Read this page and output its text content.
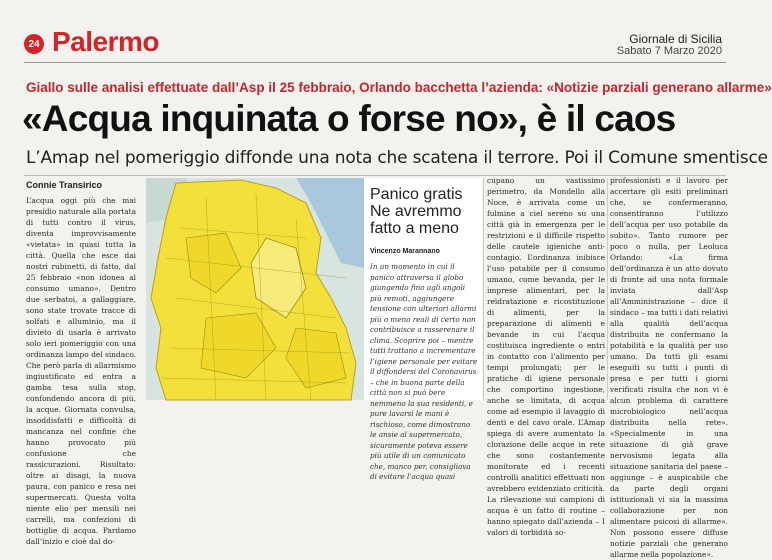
24 Palermo	Giornale di Sicilia
Sabato 7 Marzo 2020
Giallo sulle analisi effettuate dall’Asp il 25 febbraio, Orlando bacchetta l’azienda: «Notizie parziali generano allarme»
«Acqua inquinata o forse no», è il caos
L’Amap nel pomeriggio diffonde una nota che scatena il terrore. Poi il Comune smentisce
Connie Transirico
L’acqua oggi più che mai presidio naturale alla portata di tutti contro il virus, diventa improvvisamente «vietata» in quasi tutta la città. Quella che esce dai nostri rubinetti, di fatto, dal 25 febbraio «non idonea al consumo umano». Dentro due serbatoi, a gallaggiare, sono state trovate tracce di solfati e alluminio, ma il divieto di usarla è arrivato solo ieri pomeriggio con una ordinanza lampo del sindaco. Che però parla di allarmismo ingiustificato ed entra a gamba tesa sulla stop, confondendo ancora di più, la acque. Giornata convulsa, insoddisfatti e difficoltà di mancanza nel confine che hanno provocato più confusione che rassicurazioni. Risultato: oltre ai disagi, la nuova paura, con panico e resa nei supermercati. Questa volta niente elio per mensili nei carrelli, ma confezioni di bottiglie di acqua. Pardamo dall’inizio e cioè dal do-
Panico gratis Ne avremmo fatto a meno
Vincenzo Marannano
In un momento in cui il panico attraversa il globo giungendo fino agli angoli più remoti, aggiungere tensione con ulteriori allarmi più o meno reali di certo non contribuisce a rasserenare il clima. Scoprire poi – mentre tutti trattano a incrementare l’igiene personale per evitare il diffondersi del Coronavirus – che in buona parte della città non si può bere nemmeno la sua residenti, e pure lavarsi le mani è rischioso, come dimostrano le ansie al supermercato, sicuramente poteva essere più utile di un comunicato che, manco per, consigliava di evitare l’acqua quasi
cupano un vastissimo perimetro, da Mondello alla Noce, è arrivata come un fulmine a ciel sereno su una città già in emergenza per le restrizioni e il difficile rispetto delle cautele igieniche anti-contagio. L’ordinanza inibisce l’uso potabile per il consumo umano, come bevanda, per le imprese alimentari, per la reidratazione e ricostituzione di alimenti, per la preparazione di alimenti e bevande in cui l’acqua costituisca ingrediente o entri in contatto con l’alimento per tempi prolungati; per le pratiche di igiene personale che comportino ingestione, anche se limitata, di acqua come ad esempio il lavaggio di denti e del cavo orale. L’Amap spiega di avere aumentato la clorazione delle acque in rete che sono costantemente monitorate ed i recenti controlli analitici effettuati non avrebbero evidenziato criticità. La rilevazione sui campioni di acqua è un fatto di routine – hanno spiegato dall’azienda – I valori di torbidità so-
professionisti e il lavoro per accertare gli esiti preliminari che, se confermeranno, consentiranno l’utilizzo dell’acqua per uso potabile da subito». Tanto rumore per poco o nulla, per Leoluca Orlando: «La firma dell’ordinanza è un atto dovuto di fronte ad una nota formale inviata dall’Asp all’Amministrazione – dice il sindaco – ma tutti i dati relativi alla qualità dell’acqua distribuita ne confermano la potabilità e la qualità per uso umano. Da tutti gli esami eseguiti su tutti i punti di presa e per tutti i giorni verificati risulta che non vi è alcun problema di carattere microbiologico nell’acqua distribuita nella rete». «Specialmente in una situazione di già grave nervosismo legata alla situazione sanitaria del paese – aggiunge – è auspicabile che da parte degli organi istituzionali vi sia la massima collaborazione per non alimentare psicosi di allarme». Non possono essere diffuse notizie parziali che generano allarme nella popolazione».
